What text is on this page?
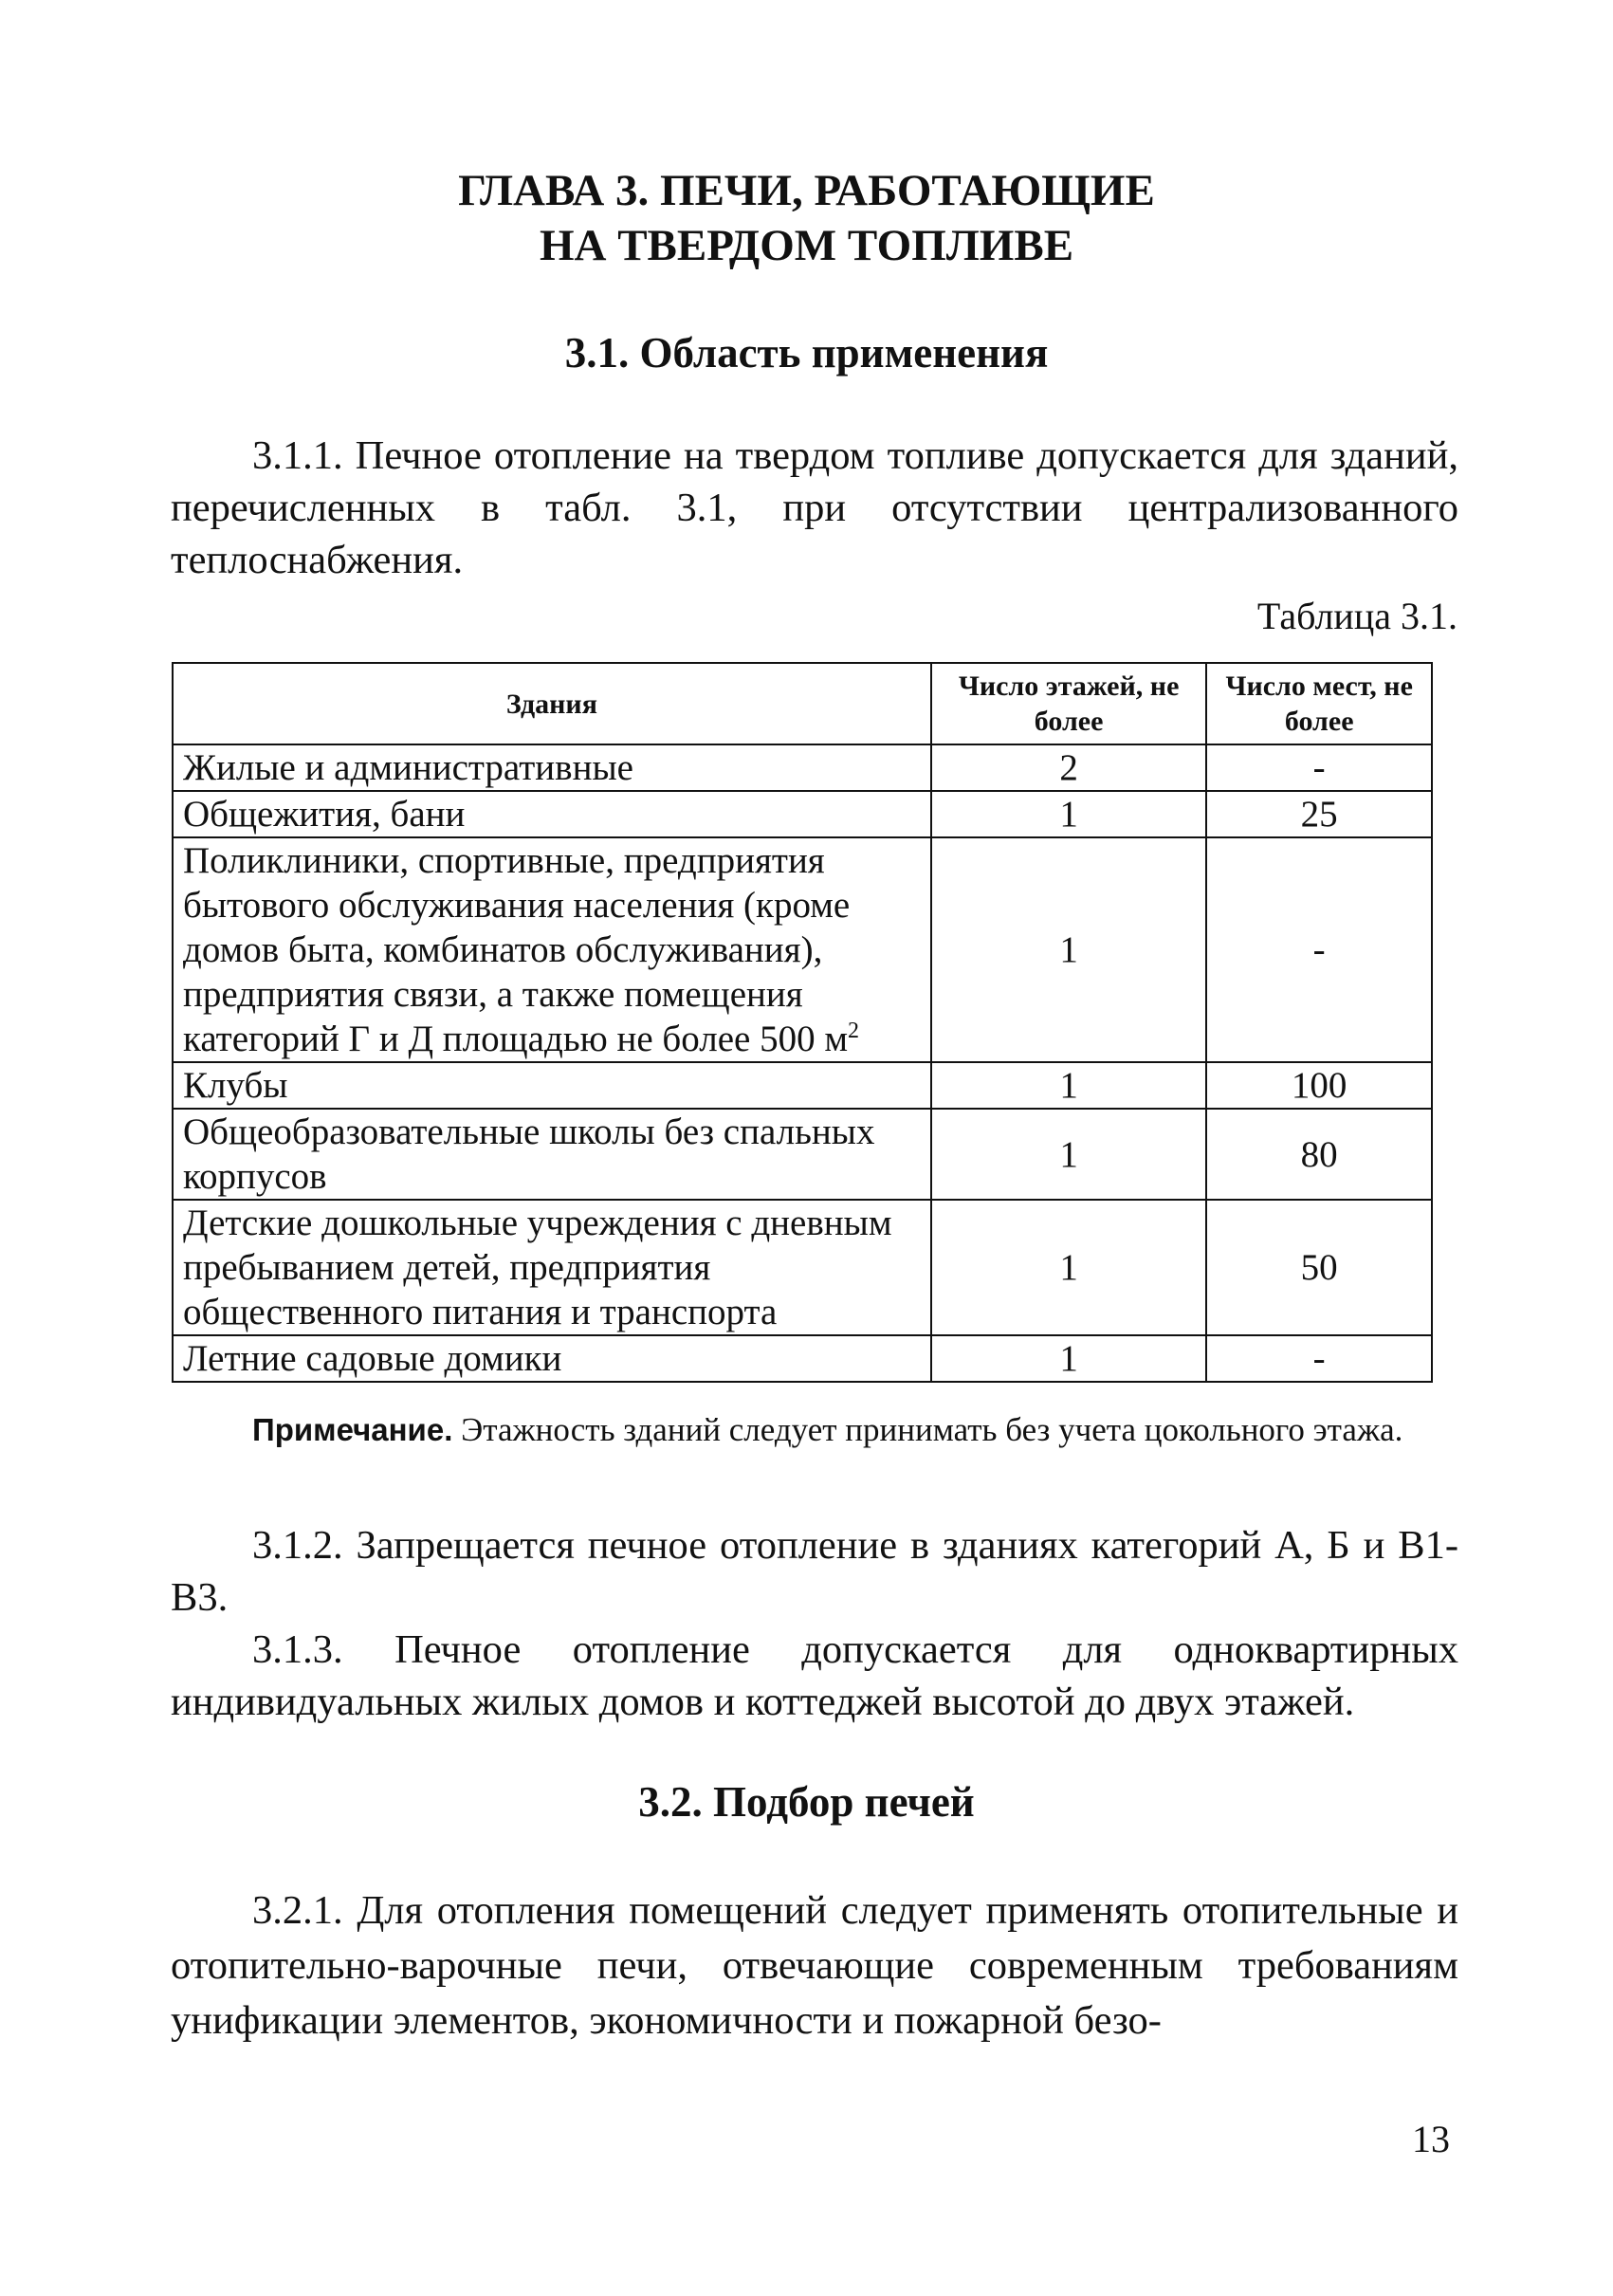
ГЛАВА 3. ПЕЧИ, РАБОТАЮЩИЕ
НА ТВЕРДОМ ТОПЛИВЕ
3.1. Область применения
3.1.1. Печное отопление на твердом топливе допускается для зданий, перечисленных в табл. 3.1, при отсутствии централизованного теплоснабжения.
Таблица 3.1.
Здания	Число этажей, не более	Число мест, не более
Жилые и административные	2	-
Общежития, бани	1	25
Поликлиники, спортивные, предприятия бытового обслуживания населения (кроме домов быта, комбинатов обслуживания), предприятия связи, а также помещения категорий Г и Д площадью не более 500 $м^2$	1	-
Клубы	1	100
Общеобразовательные школы без спальных корпусов	1	80
Детские дошкольные учреждения с дневным пребыванием детей, предприятия общественного питания и транспорта	1	50
Летние садовые домики	1	-
Примечание. Этажность зданий следует принимать без учета цокольного этажа.
3.1.2. Запрещается печное отопление в зданиях категорий А, Б и В1-В3.
3.1.3. Печное отопление допускается для одноквартирных индивидуальных жилых домов и коттеджей высотой до двух этажей.
3.2. Подбор печей
3.2.1. Для отопления помещений следует применять отопительные и отопительно-варочные печи, отвечающие современным требованиям унификации элементов, экономичности и пожарной безо-
13
